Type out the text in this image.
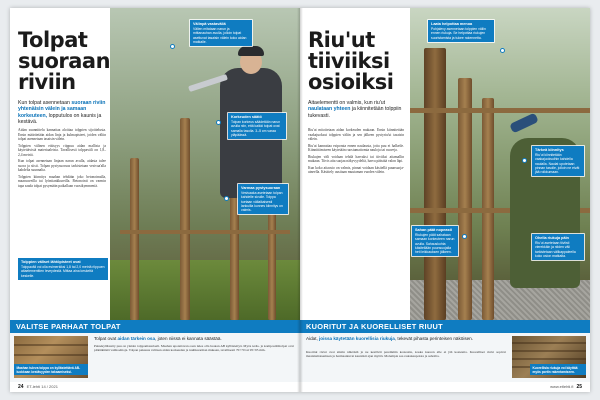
Tolpat
suoraan
riviin
Kun tolpat asennetaan suoraan riviin yhtenäisin välein ja samaan korkeuteen, lopputulos on kaunis ja kestävä.

Aidan suunnittelu kannattaa aloittaa tolppien sijoittelusta. Ensin määritetään aidan linja ja kulmapisteet, joiden väliin tolpat asennetaan tasaisin välein.

Tolppien välinen etäisyys riippuu aidan mallista ja käytettävistä materiaaleista. Tavallisesti tolppaväli on 1,8–2,4 metriä.

Kun tolpat asennetaan linjaan narun avulla, aidasta tulee suora ja siisti. Tolpan pystysuoruus tarkistetaan vesivaa'alla kahdelta suunnalta.

Tolppien kiinnitys maahan tehdään joko betonoimalla, maaruuveilla tai lyöntiankkureilla. Betonointi on varmin tapa saada tolpat pysymään paikallaan vuosikymmeniä.

Välinpä vastaväliä
Välien mitataan narun ja mittanauhan avulla, jolloin tolpat asettuvat tasaisin välein koko aidan matkalle.
Korkeuden säätö
Tolpan korkeus säädetään narun avulla niin, että kaikki tolpat ovat samalla tasolla. 3–5 cm varaa yläpäässä.
Varmaa pystysuoraan
Vesivaaka asetetaan tolpan kahdelle sivulle. Tolppa tuetaan väliaikaisesti lankuilla kunnes kiinnitys on valmis.
Tolppien väliset lähtöpisteet ovat
Tolppaväli voi olla esimerkiksi 1,8 tai 2,0 metriä riippuen aitaelementtien leveydestä. Mittaa aina keskeltä keskelle.
VALITSE PARHAAT TOLPAT
Maahan tuleva tolppa on kyllästettävä AB-luokkaan kestävyyden takaamiseksi.
Tolpat ovat aidan tärkein osa, joten niissä ei kannata säästää.
Painekyllästetty puu on yleisin tolppamateriaali. Maahan upotettavan osan tulee olla luokan AB kyllästettyä. Myös teräs- ja komposiittitolpat ovat pitkäikäisiä vaihtoehtoja. Tolpan paksuus valitaan aidan korkeuden ja tuulikuorman mukaan, tavallisesti 70×70 tai 95×95 mm.
24 ET-lehti 14 / 2021
Riu'ut
tiiviiksi
osioiksi
Aitaelementti on valmis, kun riu'ut naulataan yhteen ja kiinnitetään tolppiin tukevasti.

Riu'ut mitoitetaan aidan korkeuden mukaan. Ensin kiinnitetään vaakajuoksut tolppien väliin ja sen jälkeen pystyriu'ut tasaisin välein.

Riu'ut kannattaa esiporata ennen naulausta, jotta puu ei halkeile. Kiinnittämiseen käytetään ruostumattomia nauloja tai ruuveja.

Riukujen väli voidaan tehdä harvaksi tai tiiviiksi aitamallin mukaan. Tiivis aita suojaa näkyvyydeltä, harva päästää valon läpi.

Kun koko aitaosio on valmis, pinnat voidaan käsitellä puunsuoja-aineella. Käsittely uusitaan muutaman vuoden välein.

Laata helpottaa menoa
Pohjalevy asennetaan tolppien väliin ennen riukuja. Se helpottaa riukujen suoristamista ja tukee rakennetta.
Tärkeä kiinnitys
Riu'ut kiinnitetään vaakajuoksuihin kahdella naulalla. Naulat upotetaan pinnan tasolle, jolloin ne eivät jää roikkumaan.
Sahan päät nopeasti
Riukujen päät sahataan samaan korkeuteen narun avulla. Sahauskohta käsitellään puunsuojalla heti leikkauksen jälkeen.
Ohella riukuja päin
Riu'ut asetetaan tiiviisti vierekkäin ja niiden väli tarkistetaan välikappaleella koko osion matkalta.
KUORITUT JA KUORELLISET RIUUT
Aidat, joissa käytetään kuorellisia riukuja, tekevät pihasta perinteisen näköisen.
Kuoritut riu'ut ovat siistin näköisiä ja ne kestävät paremmin kosteutta, koska kuoren alle ei jää kosteutta. Kuorelliset riu'ut sopivat maalaismaisemaan ja harmaantuvat kauniisti ajan myötä. Molempia saa rautakaupoista ja sahoilta.
Kuorellisia riukuja voi käyttää myös portin rakentamiseen.
www.etlehti.fi 25
